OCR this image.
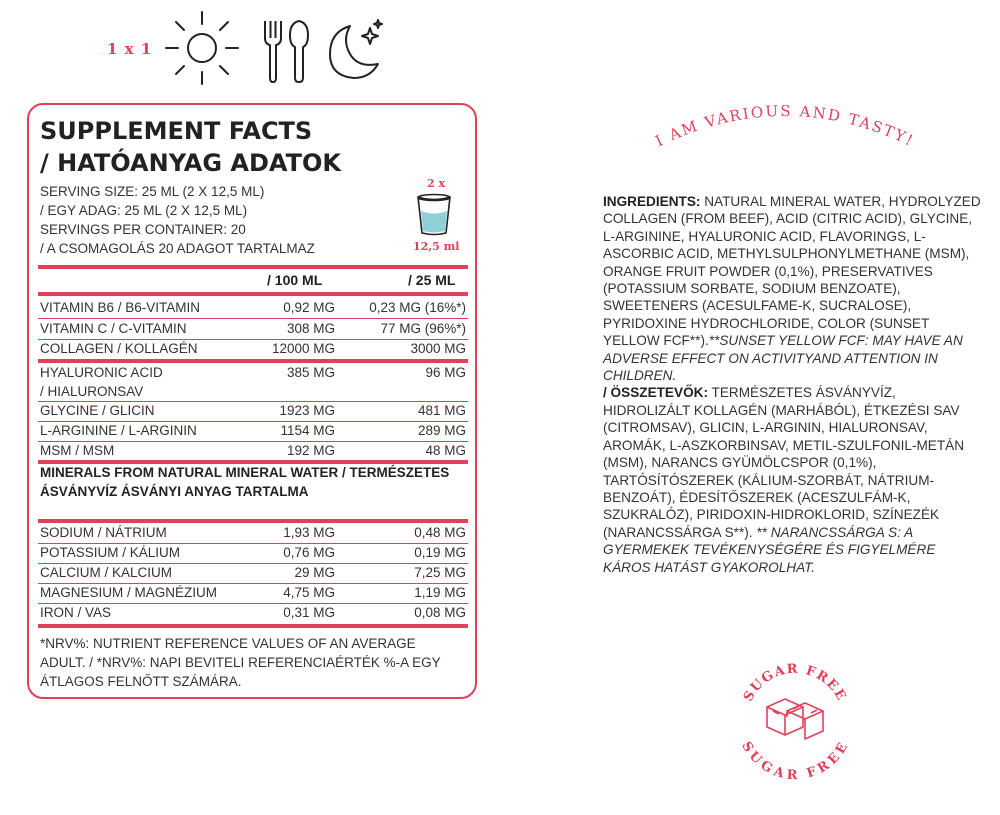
1 x 1
SUPPLEMENT FACTS
/ HATÓANYAG ADATOK
SERVING SIZE: 25 ML (2 X 12,5 ML)
/ EGY ADAG: 25 ML (2 X 12,5 ML)
SERVINGS PER CONTAINER: 20
/ A CSOMAGOLÁS 20 ADAGOT TARTALMAZ
2 x
12,5 ml
/ 100 ML	/ 25 ML
VITAMIN B6 / B6-VITAMIN	0,92 MG	0,23 MG (16%*)
VITAMIN C / C-VITAMIN	308 MG	77 MG (96%*)
COLLAGEN / KOLLAGÉN	12000 MG	3000 MG
HYALURONIC ACID
/ HIALURONSAV
385 MG	96 MG
GLYCINE / GLICIN	1923 MG	481 MG
L-ARGININE / L-ARGININ	1154 MG	289 MG
MSM / MSM	192 MG	48 MG
MINERALS FROM NATURAL MINERAL WATER / TERMÉSZETES ÁSVÁNYVÍZ ÁSVÁNYI ANYAG TARTALMA
SODIUM / NÁTRIUM	1,93 MG	0,48 MG
POTASSIUM / KÁLIUM	0,76 MG	0,19 MG
CALCIUM / KALCIUM	29 MG	7,25 MG
MAGNESIUM / MAGNÉZIUM	4,75 MG	1,19 MG
IRON / VAS	0,31 MG	0,08 MG
*NRV%: NUTRIENT REFERENCE VALUES OF AN AVERAGE ADULT. / *NRV%: NAPI BEVITELI REFERENCIAÉRTÉK %-A EGY ÁTLAGOS FELNŐTT SZÁMÁRA.
I AM VARIOUS AND TASTY!
INGREDIENTS: NATURAL MINERAL WATER, HYDROLYZED COLLAGEN (FROM BEEF), ACID (CITRIC ACID), GLYCINE, L-ARGININE, HYALURONIC ACID, FLAVORINGS, L-ASCORBIC ACID, METHYLSULPHONYLMETHANE (MSM), ORANGE FRUIT POWDER (0,1%), PRESERVATIVES (POTASSIUM SORBATE, SODIUM BENZOATE), SWEETENERS (ACESULFAME-K, SUCRALOSE), PYRIDOXINE HYDROCHLORIDE, COLOR (SUNSET YELLOW FCF**).**SUNSET YELLOW FCF: MAY HAVE AN ADVERSE EFFECT ON ACTIVITYAND ATTENTION IN CHILDREN.
/ ÖSSZETEVŐK: TERMÉSZETES ÁSVÁNYVÍZ, HIDROLIZÁLT KOLLAGÉN (MARHÁBÓL), ÉTKEZÉSI SAV (CITROMSAV), GLICIN, L-ARGININ, HIALURONSAV, AROMÁK, L-ASZKORBINSAV, METIL-SZULFONIL-METÁN (MSM), NARANCS GYÜMÖLCSPOR (0,1%), TARTÓSÍTÓSZEREK (KÁLIUM-SZORBÁT, NÁTRIUM-BENZOÁT), ÉDESÍTŐSZEREK (ACESZULFÁM-K, SZUKRALÓZ), PIRIDOXIN-HIDROKLORID, SZÍNEZÉK (NARANCSSÁRGA S**). ** NARANCSSÁRGA S: A GYERMEKEK TEVÉKENYSÉGÉRE ÉS FIGYELMÉRE KÁROS HATÁST GYAKOROLHAT.
SUGAR FREE
SUGAR FREE
